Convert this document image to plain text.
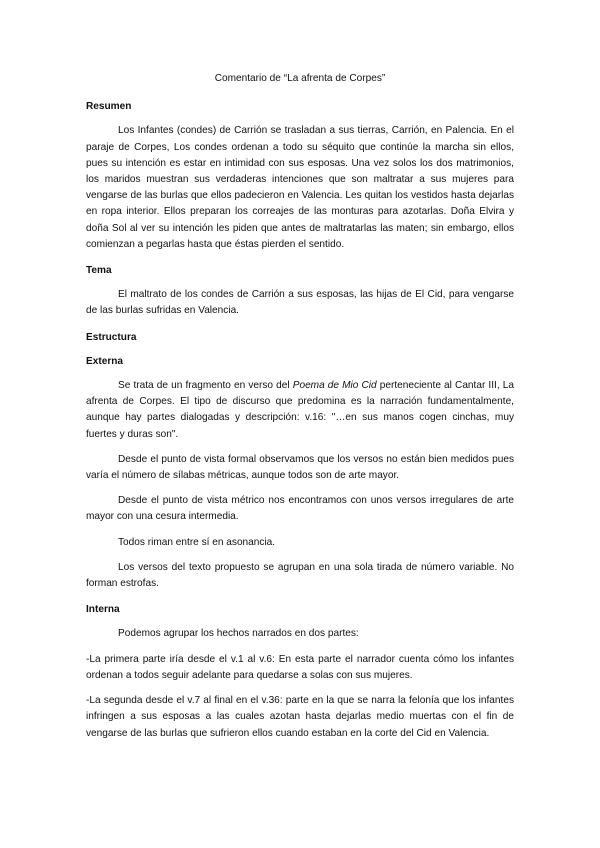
Comentario de “La afrenta de Corpes”
Resumen
Los Infantes (condes) de Carrión se trasladan a sus tierras, Carrión, en Palencia. En el paraje de Corpes, Los condes ordenan a todo su séquito que continúe la marcha sin ellos, pues su intención es estar en intimidad con sus esposas. Una vez solos los dos matrimonios, los maridos muestran sus verdaderas intenciones que son maltratar a sus mujeres para vengarse de las burlas que ellos padecieron en Valencia. Les quitan los vestidos hasta dejarlas en ropa interior. Ellos preparan los correajes de las monturas para azotarlas. Doña Elvira y doña Sol al ver su intención les piden que antes de maltratarlas las maten; sin embargo, ellos comienzan a pegarlas hasta que éstas pierden el sentido.
Tema
El maltrato de los condes de Carrión a sus esposas, las hijas de El Cid, para vengarse de las burlas sufridas en Valencia.
Estructura
Externa
Se trata de un fragmento en verso del Poema de Mio Cid perteneciente al Cantar III, La afrenta de Corpes. El tipo de discurso que predomina es la narración fundamentalmente, aunque hay partes dialogadas y descripción: v.16: "…en sus manos cogen cinchas, muy fuertes y duras son".
Desde el punto de vista formal observamos que los versos no están bien medidos pues varía el número de sílabas métricas, aunque todos son de arte mayor.
Desde el punto de vista métrico nos encontramos con unos versos irregulares de arte mayor con una cesura intermedia.
Todos riman entre sí en asonancia.
Los versos del texto propuesto se agrupan en una sola tirada de número variable. No forman estrofas.
Interna
Podemos agrupar los hechos narrados en dos partes:
-La primera parte iría desde el v.1 al v.6: En esta parte el narrador cuenta cómo los infantes ordenan a todos seguir adelante para quedarse a solas con sus mujeres.
-La segunda desde el v.7 al final en el v.36: parte en la que se narra la felonía que los infantes infringen a sus esposas a las cuales azotan hasta dejarlas medio muertas con el fin de vengarse de las burlas que sufrieron ellos cuando estaban en la corte del Cid en Valencia.
